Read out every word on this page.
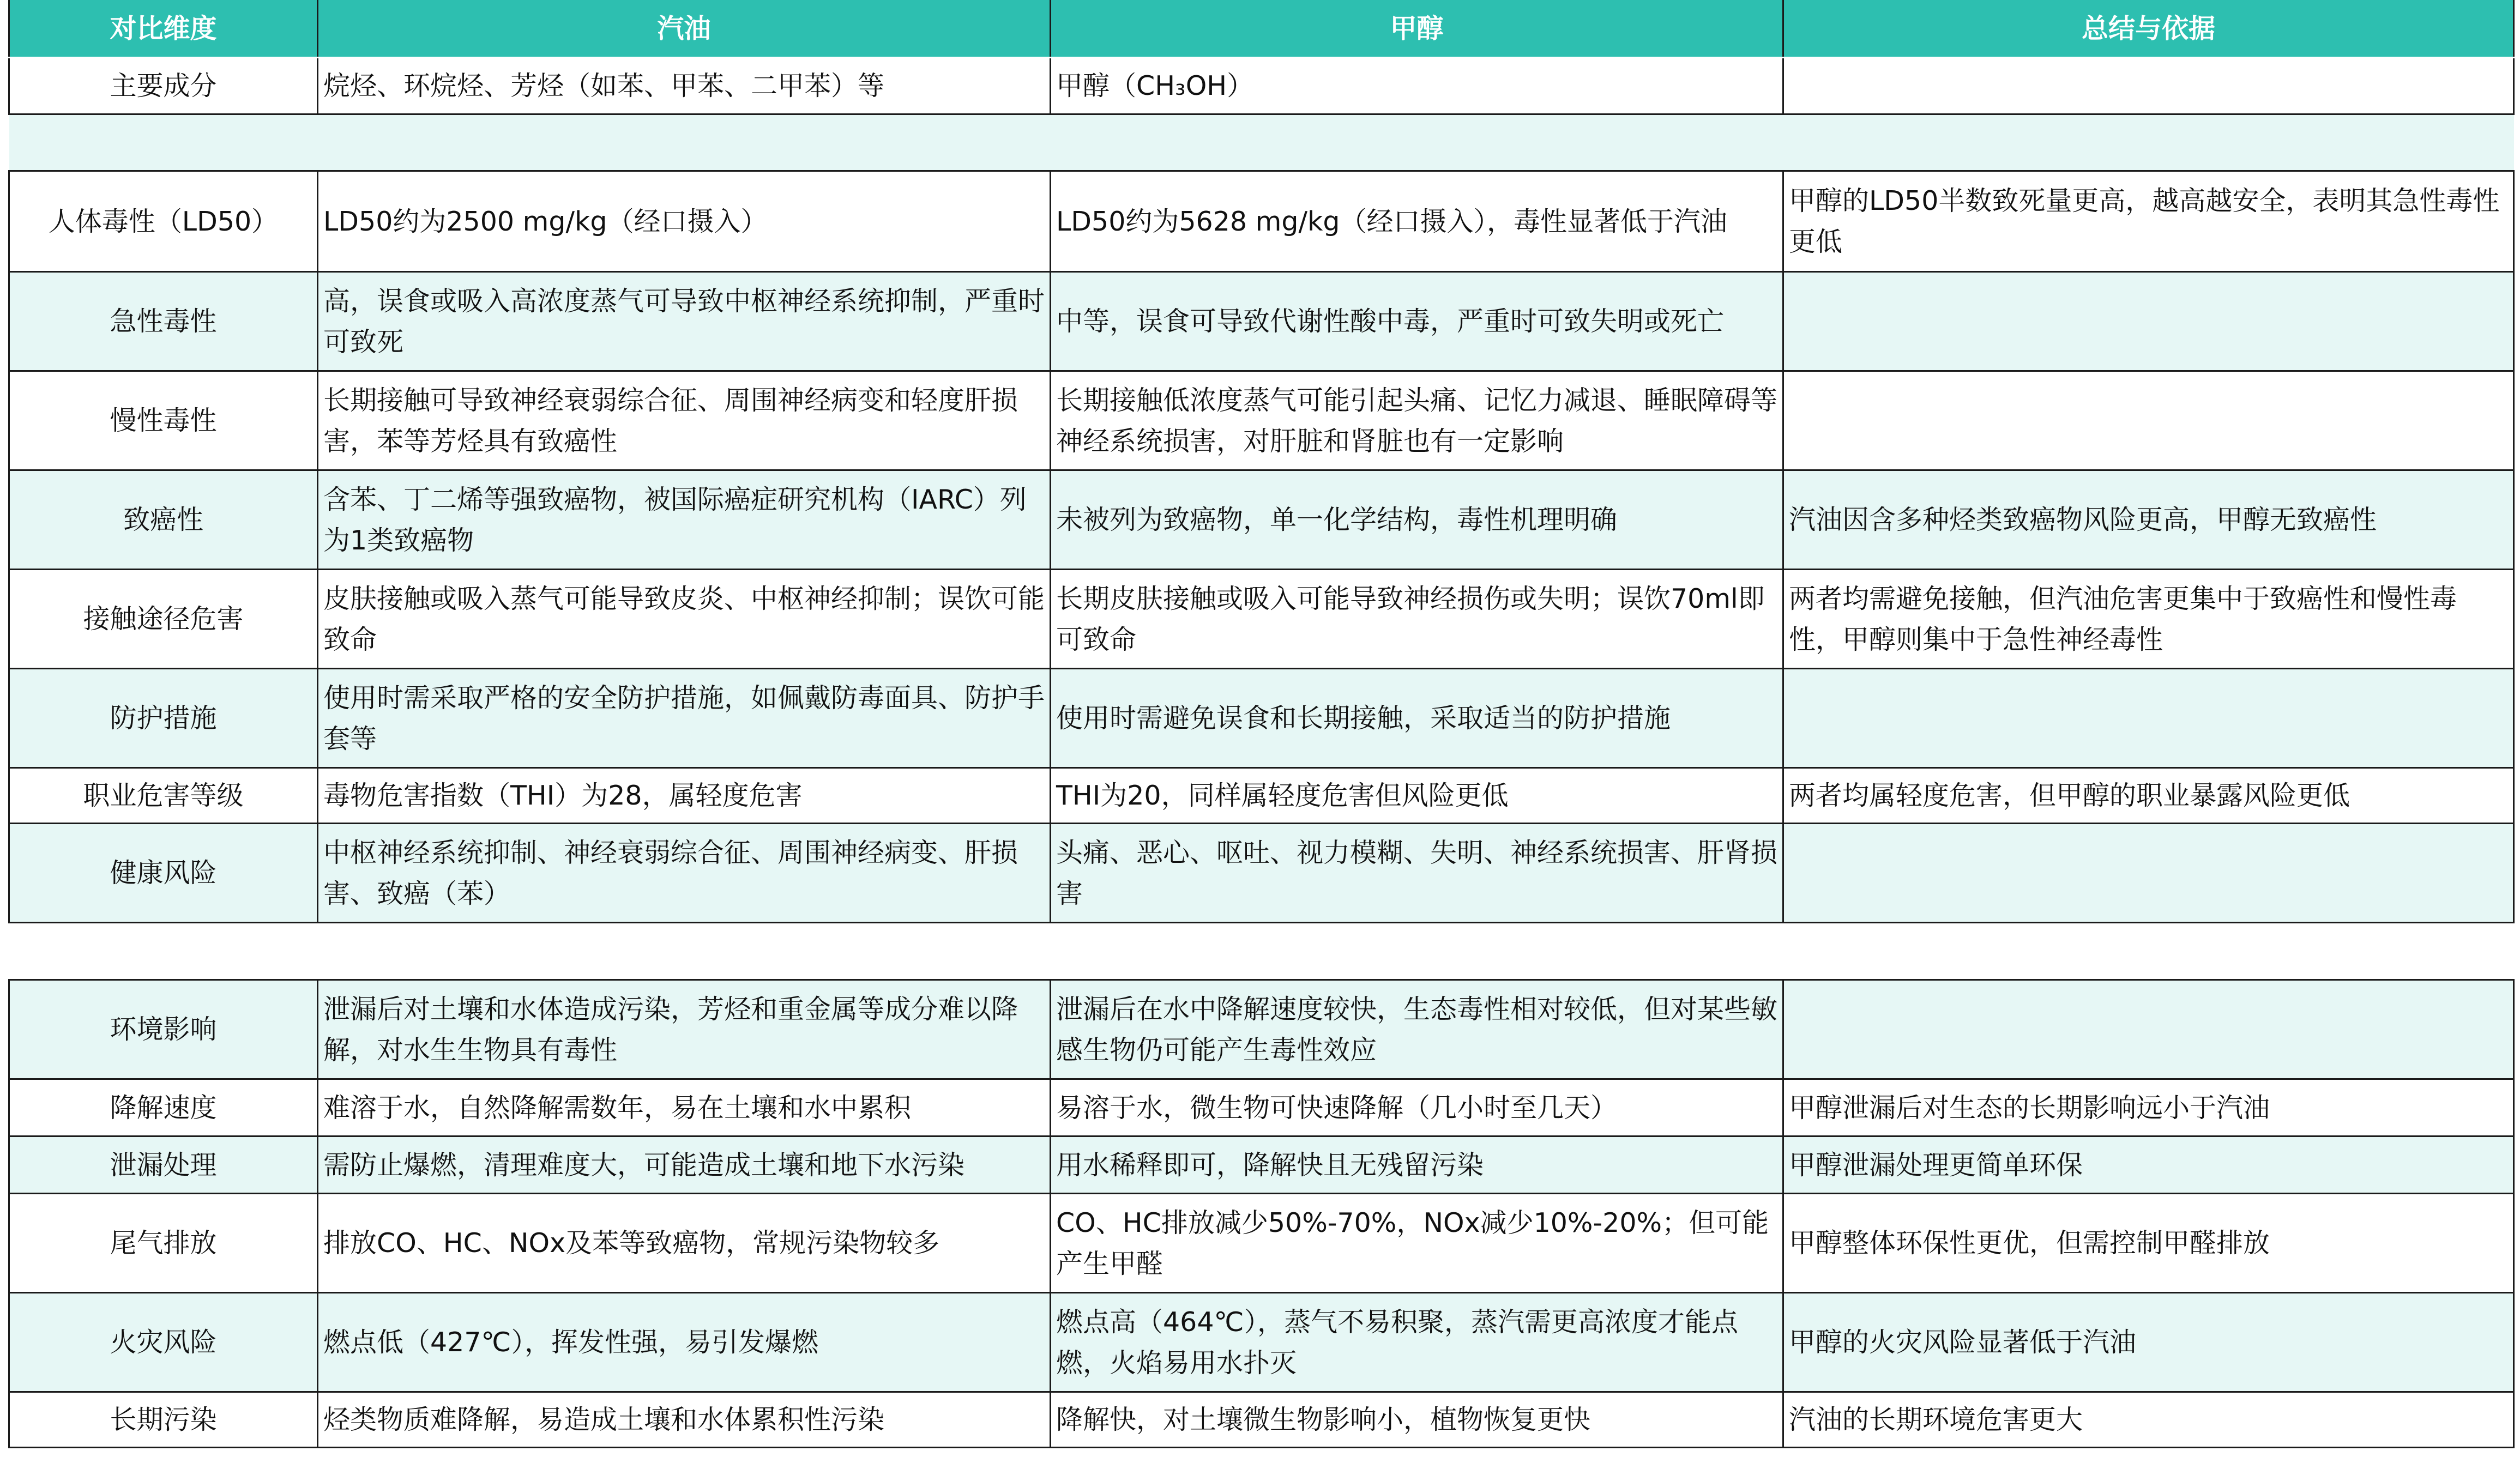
对比维度	汽油	甲醇	总结与依据
主要成分	烷烃、环烷烃、芳烃（如苯、甲苯、二甲苯）等	甲醇（CH₃OH）	

人体毒性（LD50）	LD50约为2500 mg/kg（经口摄入）	LD50约为5628 mg/kg（经口摄入），毒性显著低于汽油	甲醇的LD50半数致死量更高，越高越安全，表明其急性毒性更低
急性毒性	高，误食或吸入高浓度蒸气可导致中枢神经系统抑制，严重时可致死	中等，误食可导致代谢性酸中毒，严重时可致失明或死亡	
慢性毒性	长期接触可导致神经衰弱综合征、周围神经病变和轻度肝损害，苯等芳烃具有致癌性	长期接触低浓度蒸气可能引起头痛、记忆力减退、睡眠障碍等神经系统损害，对肝脏和肾脏也有一定影响	
致癌性	含苯、丁二烯等强致癌物，被国际癌症研究机构（IARC）列为1类致癌物	未被列为致癌物，单一化学结构，毒性机理明确	汽油因含多种烃类致癌物风险更高，甲醇无致癌性
接触途径危害	皮肤接触或吸入蒸气可能导致皮炎、中枢神经抑制；误饮可能致命	长期皮肤接触或吸入可能导致神经损伤或失明；误饮70ml即可致命	两者均需避免接触，但汽油危害更集中于致癌性和慢性毒性，甲醇则集中于急性神经毒性
防护措施	使用时需采取严格的安全防护措施，如佩戴防毒面具、防护手套等	使用时需避免误食和长期接触，采取适当的防护措施	
职业危害等级	毒物危害指数（THI）为28，属轻度危害	THI为20，同样属轻度危害但风险更低	两者均属轻度危害，但甲醇的职业暴露风险更低
健康风险	中枢神经系统抑制、神经衰弱综合征、周围神经病变、肝损害、致癌（苯）	头痛、恶心、呕吐、视力模糊、失明、神经系统损害、肝肾损害	

环境影响	泄漏后对土壤和水体造成污染，芳烃和重金属等成分难以降解，对水生生物具有毒性	泄漏后在水中降解速度较快，生态毒性相对较低，但对某些敏感生物仍可能产生毒性效应	
降解速度	难溶于水，自然降解需数年，易在土壤和水中累积	易溶于水，微生物可快速降解（几小时至几天）	甲醇泄漏后对生态的长期影响远小于汽油
泄漏处理	需防止爆燃，清理难度大，可能造成土壤和地下水污染	用水稀释即可，降解快且无残留污染	甲醇泄漏处理更简单环保
尾气排放	排放CO、HC、NOx及苯等致癌物，常规污染物较多	CO、HC排放减少50%-70%，NOx减少10%-20%；但可能产生甲醛	甲醇整体环保性更优，但需控制甲醛排放
火灾风险	燃点低（427℃），挥发性强，易引发爆燃	燃点高（464℃），蒸气不易积聚，蒸汽需更高浓度才能点燃，火焰易用水扑灭	甲醇的火灾风险显著低于汽油
长期污染	烃类物质难降解，易造成土壤和水体累积性污染	降解快，对土壤微生物影响小，植物恢复更快	汽油的长期环境危害更大
